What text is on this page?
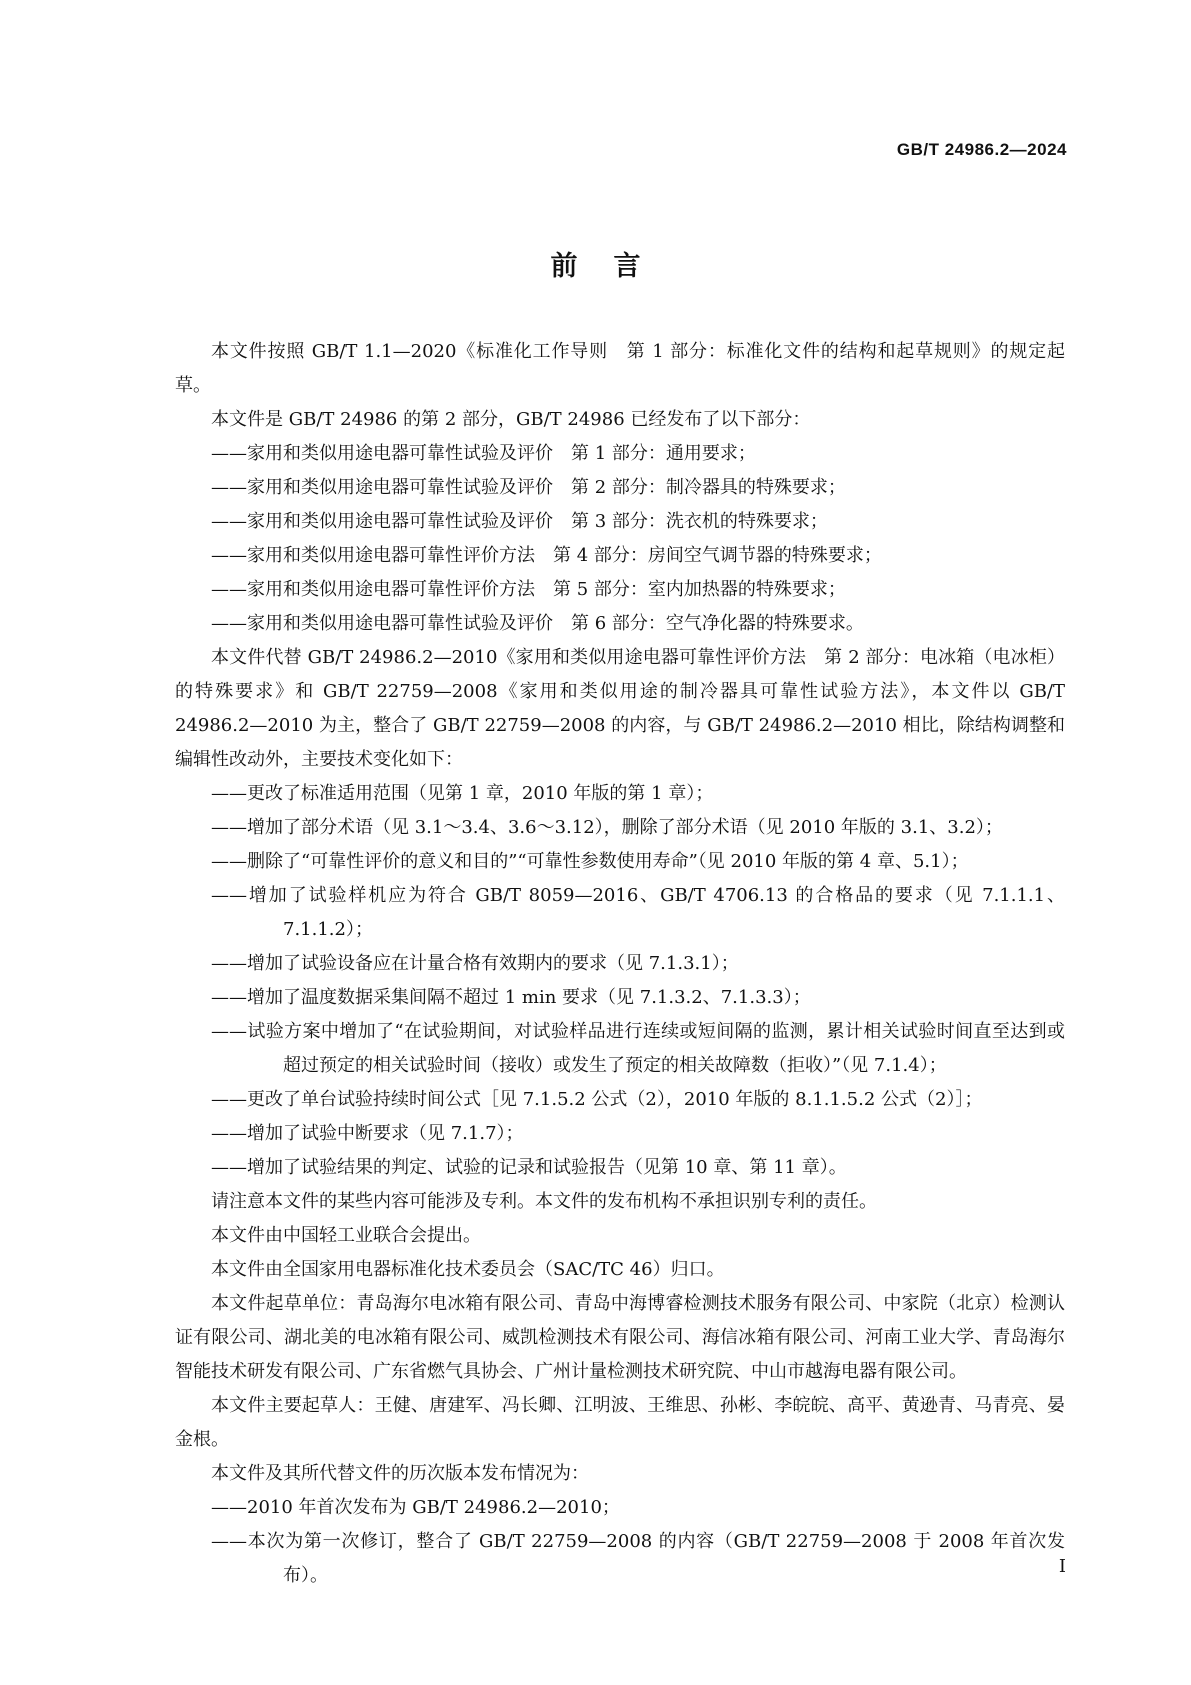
GB/T 24986.2—2024
前言

本文件按照 GB/T 1.1—2020《标准化工作导则　第 1 部分：标准化文件的结构和起草规则》的规定起草。

本文件是 GB/T 24986 的第 2 部分，GB/T 24986 已经发布了以下部分：

——家用和类似用途电器可靠性试验及评价　第 1 部分：通用要求；

——家用和类似用途电器可靠性试验及评价　第 2 部分：制冷器具的特殊要求；

——家用和类似用途电器可靠性试验及评价　第 3 部分：洗衣机的特殊要求；

——家用和类似用途电器可靠性评价方法　第 4 部分：房间空气调节器的特殊要求；

——家用和类似用途电器可靠性评价方法　第 5 部分：室内加热器的特殊要求；

——家用和类似用途电器可靠性试验及评价　第 6 部分：空气净化器的特殊要求。

本文件代替 GB/T 24986.2—2010《家用和类似用途电器可靠性评价方法　第 2 部分：电冰箱（电冰柜）的特殊要求》和 GB/T 22759—2008《家用和类似用途的制冷器具可靠性试验方法》，本文件以 GB/T 24986.2—2010 为主，整合了 GB/T 22759—2008 的内容，与 GB/T 24986.2—2010 相比，除结构调整和编辑性改动外，主要技术变化如下：

——更改了标准适用范围（见第 1 章，2010 年版的第 1 章）；

——增加了部分术语（见 3.1～3.4、3.6～3.12），删除了部分术语（见 2010 年版的 3.1、3.2）；

——删除了“可靠性评价的意义和目的”“可靠性参数使用寿命”（见 2010 年版的第 4 章、5.1）；

——增加了试验样机应为符合 GB/T 8059—2016、GB/T 4706.13 的合格品的要求（见 7.1.1.1、7.1.1.2）；

——增加了试验设备应在计量合格有效期内的要求（见 7.1.3.1）；

——增加了温度数据采集间隔不超过 1 min 要求（见 7.1.3.2、7.1.3.3）；

——试验方案中增加了“在试验期间，对试验样品进行连续或短间隔的监测，累计相关试验时间直至达到或超过预定的相关试验时间（接收）或发生了预定的相关故障数（拒收）”（见 7.1.4）；

——更改了单台试验持续时间公式［见 7.1.5.2 公式（2），2010 年版的 8.1.1.5.2 公式（2）］；

——增加了试验中断要求（见 7.1.7）；

——增加了试验结果的判定、试验的记录和试验报告（见第 10 章、第 11 章）。

请注意本文件的某些内容可能涉及专利。本文件的发布机构不承担识别专利的责任。

本文件由中国轻工业联合会提出。

本文件由全国家用电器标准化技术委员会（SAC/TC 46）归口。

本文件起草单位：青岛海尔电冰箱有限公司、青岛中海博睿检测技术服务有限公司、中家院（北京）检测认证有限公司、湖北美的电冰箱有限公司、威凯检测技术有限公司、海信冰箱有限公司、河南工业大学、青岛海尔智能技术研发有限公司、广东省燃气具协会、广州计量检测技术研究院、中山市越海电器有限公司。

本文件主要起草人：王健、唐建军、冯长卿、江明波、王维思、孙彬、李皖皖、高平、黄逊青、马青亮、晏金根。

本文件及其所代替文件的历次版本发布情况为：

——2010 年首次发布为 GB/T 24986.2—2010；

——本次为第一次修订，整合了 GB/T 22759—2008 的内容（GB/T 22759—2008 于 2008 年首次发布）。	I
